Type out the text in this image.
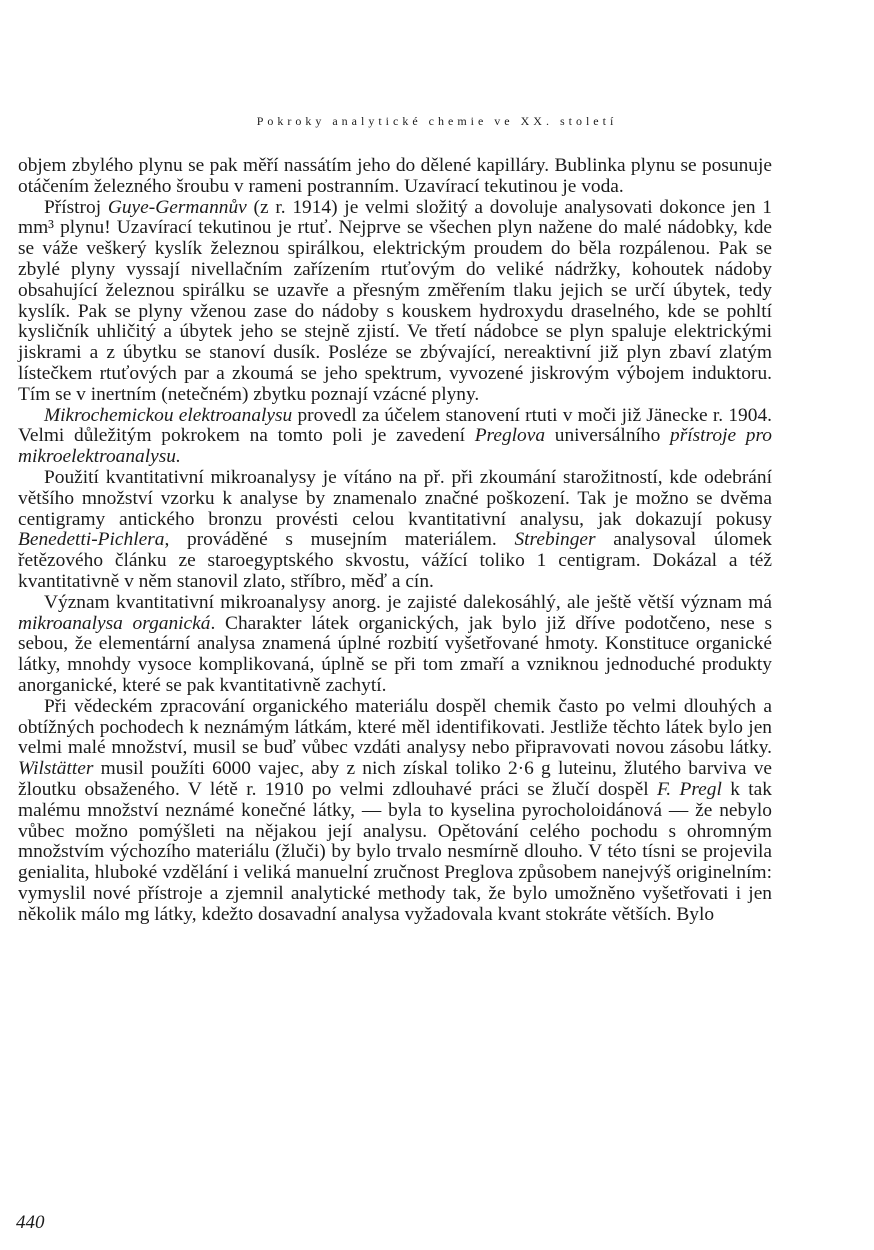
Pokroky analytické chemie ve XX. století

objem zbylého plynu se pak měří nassátím jeho do dělené kapilláry. Bublinka plynu se posunuje otáčením železného šroubu v rameni postranním. Uzavírací tekutinou je voda.

Přístroj Guye-Germannův (z r. 1914) je velmi složitý a dovoluje analysovati dokonce jen 1 mm³ plynu! Uzavírací tekutinou je rtuť. Nejprve se všechen plyn nažene do malé nádobky, kde se váže veškerý kyslík železnou spirálkou, elektrickým proudem do běla rozpálenou. Pak se zbylé plyny vyssají nivellačním zařízením rtuťovým do veliké nádržky, kohoutek nádoby obsahující železnou spirálku se uzavře a přesným změřením tlaku jejich se určí úbytek, tedy kyslík. Pak se plyny vženou zase do nádoby s kouskem hydroxydu draselného, kde se pohltí kysličník uhličitý a úbytek jeho se stejně zjistí. Ve třetí nádobce se plyn spaluje elektrickými jiskrami a z úbytku se stanoví dusík. Posléze se zbývající, nereaktivní již plyn zbaví zlatým lístečkem rtuťových par a zkoumá se jeho spektrum, vyvozené jiskrovým výbojem induktoru. Tím se v inertním (netečném) zbytku poznají vzácné plyny.

Mikrochemickou elektroanalysu provedl za účelem stanovení rtuti v moči již Jänecke r. 1904. Velmi důležitým pokrokem na tomto poli je zavedení Preglova universálního přístroje pro mikroelektroanalysu.

Použití kvantitativní mikroanalysy je vítáno na př. při zkoumání starožitností, kde odebrání většího množství vzorku k analyse by znamenalo značné poškození. Tak je možno se dvěma centigramy antického bronzu provésti celou kvantitativní analysu, jak dokazují pokusy Benedetti-Pichlera, prováděné s musejním materiálem. Strebinger analysoval úlomek řetězového článku ze staroegyptského skvostu, vážící toliko 1 centigram. Dokázal a též kvantitativně v něm stanovil zlato, stříbro, měď a cín.

Význam kvantitativní mikroanalysy anorg. je zajisté dalekosáhlý, ale ještě větší význam má mikroanalysa organická. Charakter látek organických, jak bylo již dříve podotčeno, nese s sebou, že elementární analysa znamená úplné rozbití vyšetřované hmoty. Konstituce organické látky, mnohdy vysoce komplikovaná, úplně se při tom zmaří a vzniknou jednoduché produkty anorganické, které se pak kvantitativně zachytí.

Při vědeckém zpracování organického materiálu dospěl chemik často po velmi dlouhých a obtížných pochodech k neznámým látkám, které měl identifikovati. Jestliže těchto látek bylo jen velmi malé množství, musil se buď vůbec vzdáti analysy nebo připravovati novou zásobu látky. Wilstätter musil použíti 6000 vajec, aby z nich získal toliko 2·6 g luteinu, žlutého barviva ve žloutku obsaženého. V létě r. 1910 po velmi zdlouhavé práci se žlučí dospěl F. Pregl k tak malému množství neznámé konečné látky, — byla to kyselina pyrocholoidánová — že nebylo vůbec možno pomýšleti na nějakou její analysu. Opětování celého pochodu s ohromným množstvím výchozího materiálu (žluči) by bylo trvalo nesmírně dlouho. V této tísni se projevila genialita, hluboké vzdělání i veliká manuelní zručnost Preglova způsobem nanejvýš originelním: vymyslil nové přístroje a zjemnil analytické methody tak, že bylo umožněno vyšetřovati i jen několik málo mg látky, kdežto dosavadní analysa vyžadovala kvant stokráte větších. Bylo

440
